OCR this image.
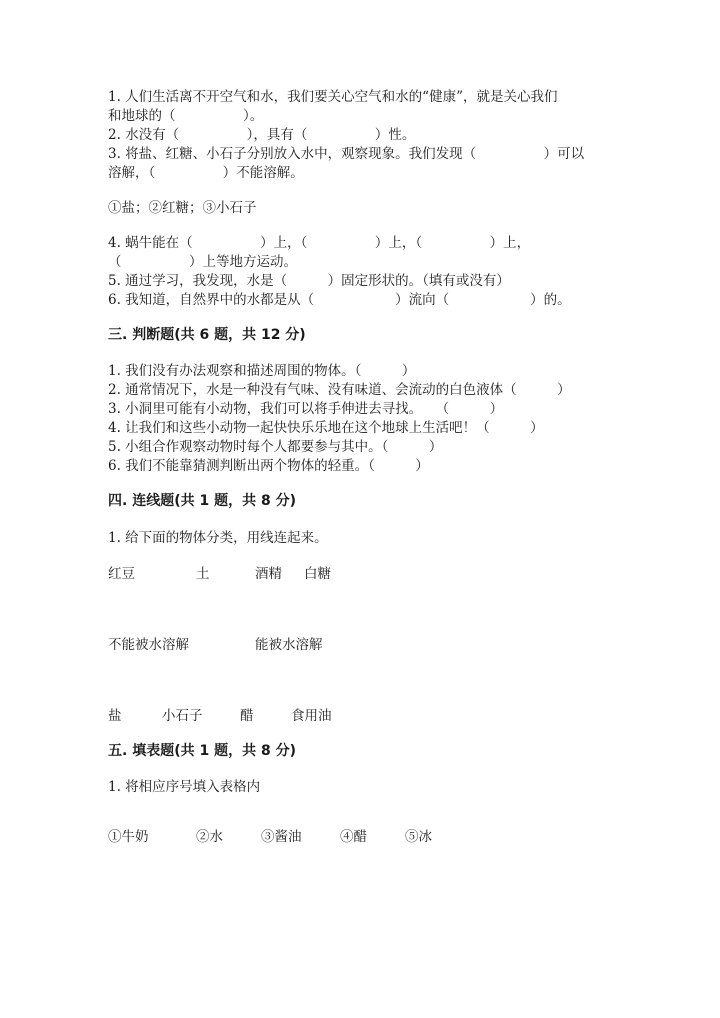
1. 人们生活离不开空气和水，我们要关心空气和水的“健康”，就是关心我们
和地球的（　　　　　）。
2. 水没有（　　　　　），具有（　　　　　）性。
3. 将盐、红糖、小石子分别放入水中，观察现象。我们发现（　　　　　）可以
溶解，（　　　　　）不能溶解。
①盐；②红糖；③小石子
4. 蜗牛能在（　　　　　）上，（　　　　　）上，（　　　　　）上，
（　　　　　）上等地方运动。
5. 通过学习，我发现，水是（　　　）固定形状的。（填有或没有）
6. 我知道，自然界中的水都是从（　　　　　　）流向（　　　　　　）的。
三. 判断题(共 6 题，共 12 分)
1. 我们没有办法观察和描述周围的物体。（　　　）
2. 通常情况下，水是一种没有气味、没有味道、会流动的白色液体（　　　）
3. 小洞里可能有小动物，我们可以将手伸进去寻找。　　（　　　）
4. 让我们和这些小动物一起快快乐乐地在这个地球上生活吧！（　　　）
5. 小组合作观察动物时每个人都要参与其中。（　　　）
6. 我们不能靠猜测判断出两个物体的轻重。（　　　）
四. 连线题(共 1 题，共 8 分)
1. 给下面的物体分类，用线连起来。
红豆	土	酒精 白糖
不能被水溶解	能被水溶解
盐	小石子	醋	食用油
五. 填表题(共 1 题，共 8 分)
1. 将相应序号填入表格内
①牛奶	②水	③酱油	④醋	⑤冰
